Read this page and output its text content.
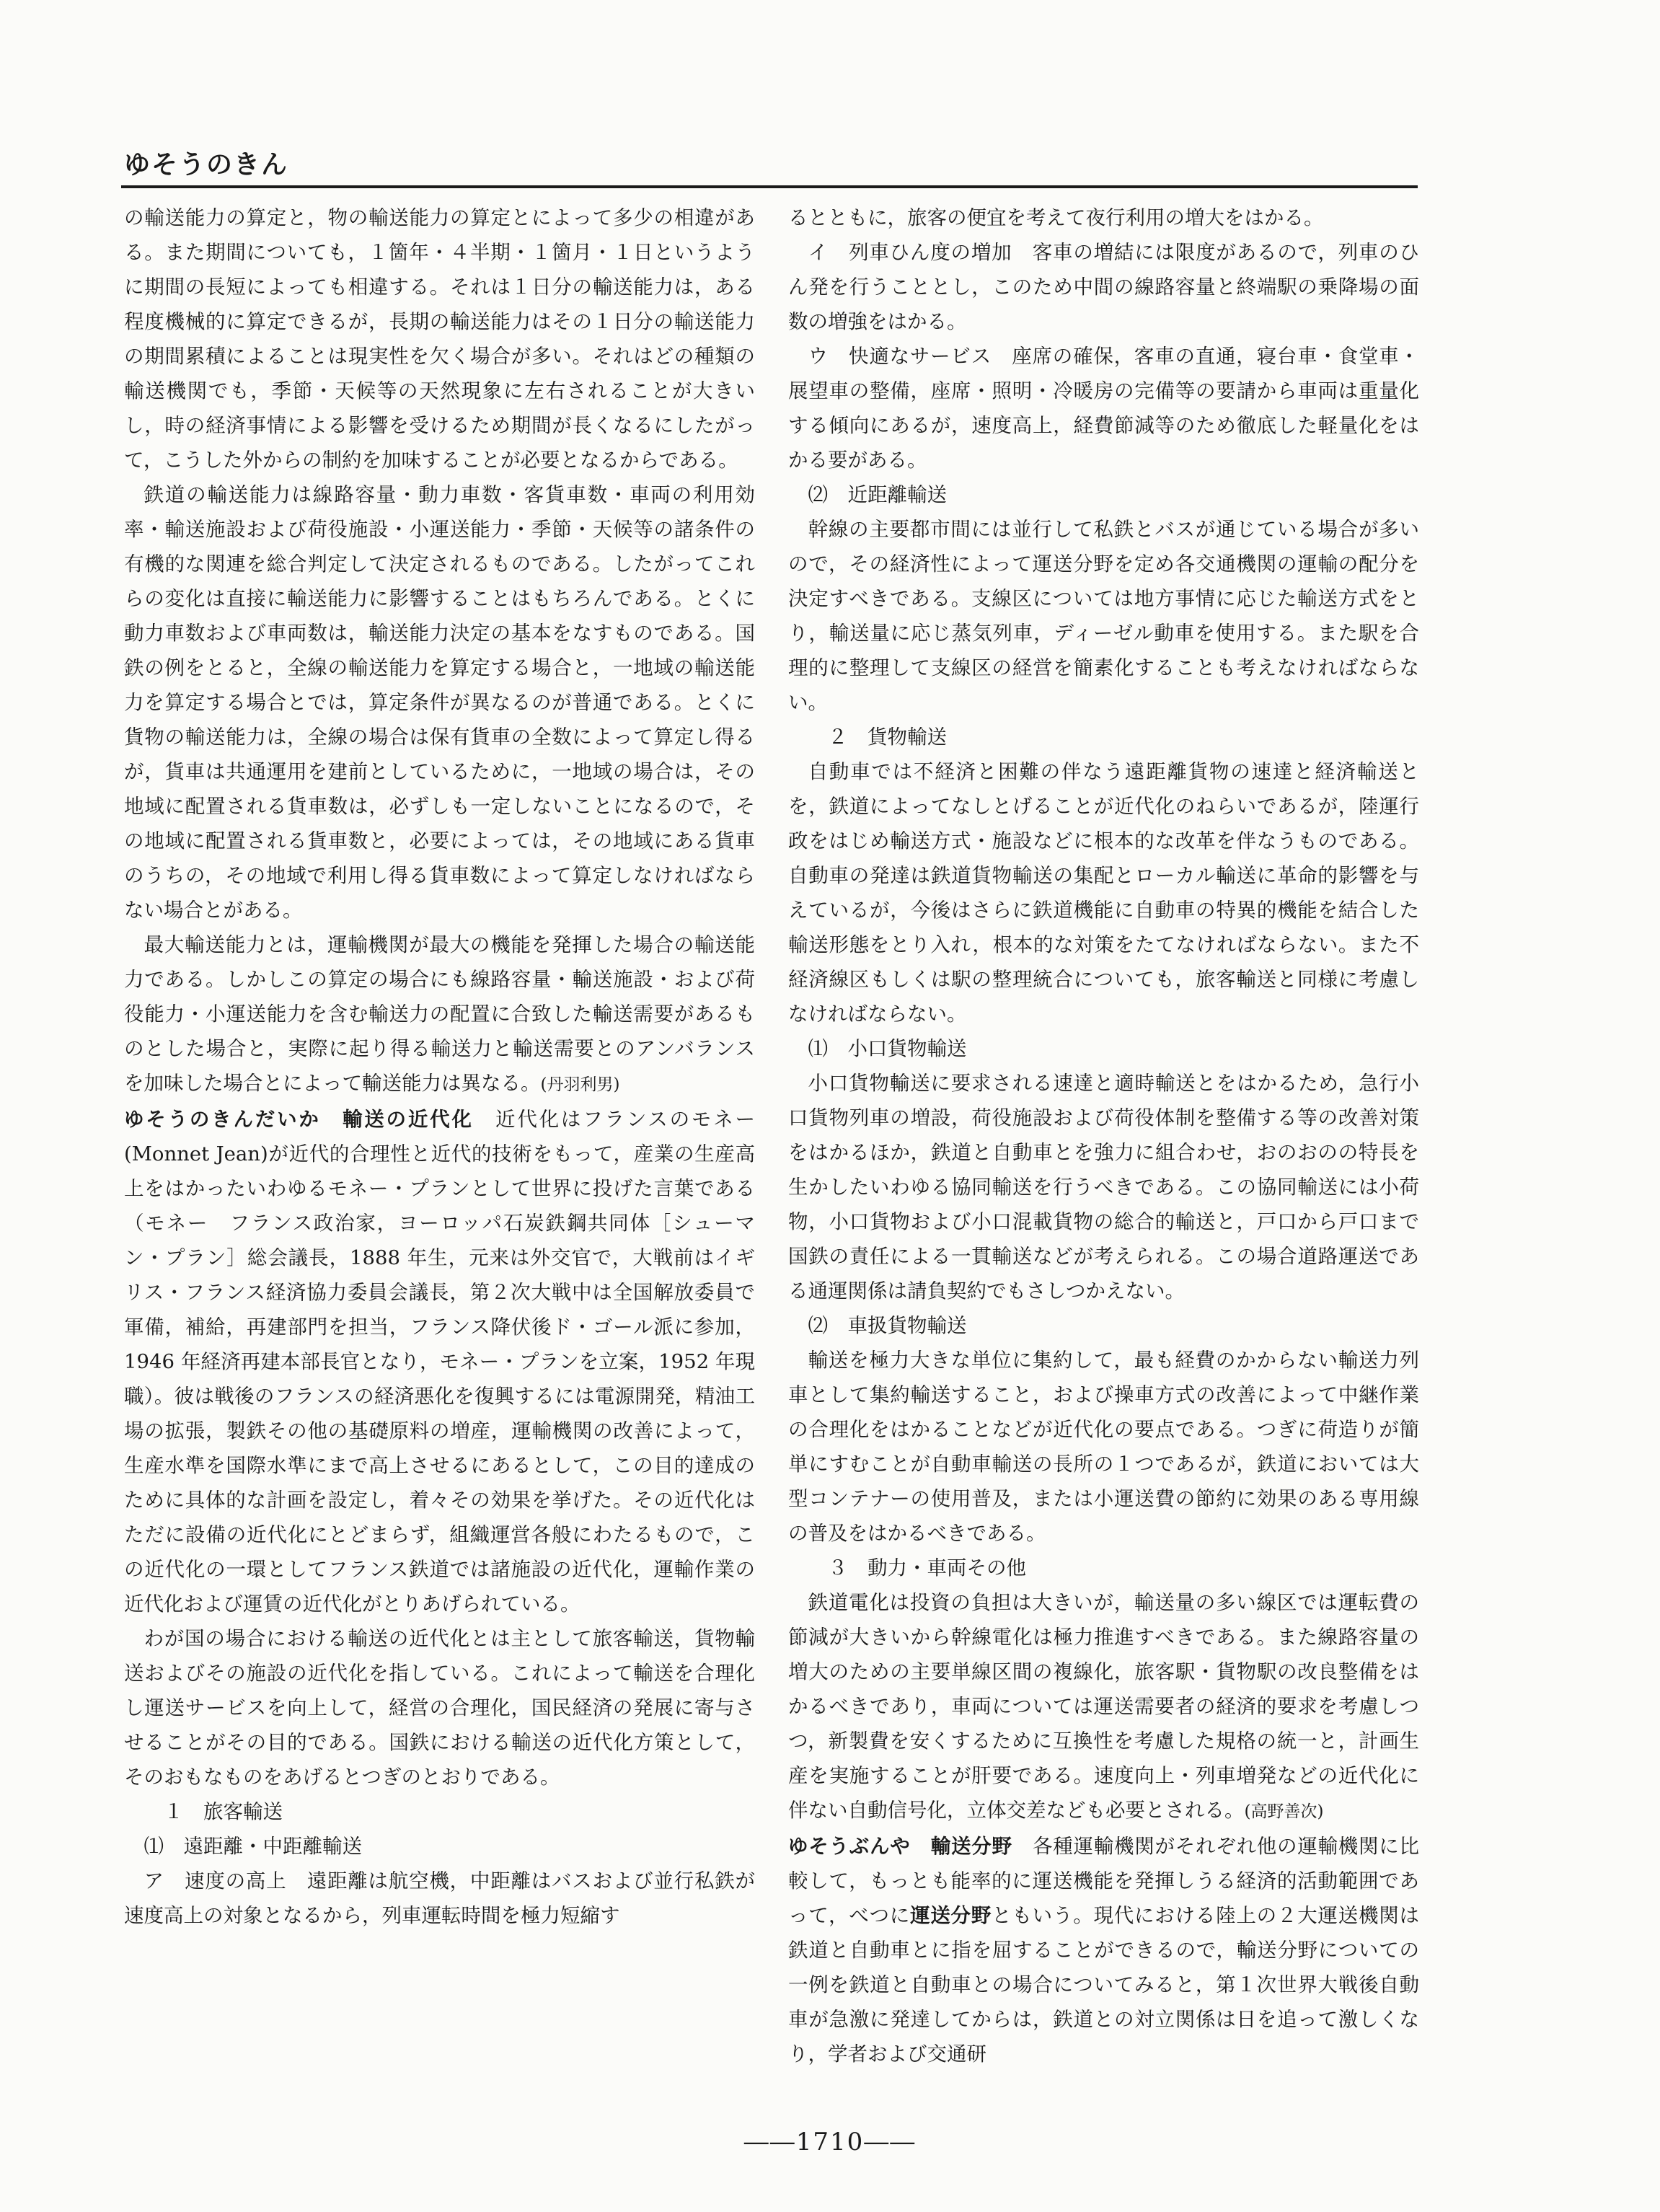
ゆそうのきん

の輸送能力の算定と，物の輸送能力の算定とによって多少の相違がある。また期間についても，１箇年・４半期・１箇月・１日というように期間の長短によっても相違する。それは１日分の輸送能力は，ある程度機械的に算定できるが，長期の輸送能力はその１日分の輸送能力の期間累積によることは現実性を欠く場合が多い。それはどの種類の輸送機関でも，季節・天候等の天然現象に左右されることが大きいし，時の経済事情による影響を受けるため期間が長くなるにしたがって，こうした外からの制約を加味することが必要となるからである。

鉄道の輸送能力は線路容量・動力車数・客貨車数・車両の利用効率・輸送施設および荷役施設・小運送能力・季節・天候等の諸条件の有機的な関連を総合判定して決定されるものである。したがってこれらの変化は直接に輸送能力に影響することはもちろんである。とくに動力車数および車両数は，輸送能力決定の基本をなすものである。国鉄の例をとると，全線の輸送能力を算定する場合と，一地域の輸送能力を算定する場合とでは，算定条件が異なるのが普通である。とくに貨物の輸送能力は，全線の場合は保有貨車の全数によって算定し得るが，貨車は共通運用を建前としているために，一地域の場合は，その地域に配置される貨車数は，必ずしも一定しないことになるので，その地域に配置される貨車数と，必要によっては，その地域にある貨車のうちの，その地域で利用し得る貨車数によって算定しなければならない場合とがある。

最大輸送能力とは，運輸機関が最大の機能を発揮した場合の輸送能力である。しかしこの算定の場合にも線路容量・輸送施設・および荷役能力・小運送能力を含む輸送力の配置に合致した輸送需要があるものとした場合と，実際に起り得る輸送力と輸送需要とのアンバランスを加味した場合とによって輸送能力は異なる。(丹羽利男)

ゆそうのきんだいか　輸送の近代化　近代化はフランスのモネー(Monnet Jean)が近代的合理性と近代的技術をもって，産業の生産高上をはかったいわゆるモネー・プランとして世界に投げた言葉である（モネー　フランス政治家，ヨーロッパ石炭鉄鋼共同体［シューマン・プラン］総会議長，1888 年生，元来は外交官で，大戦前はイギリス・フランス経済協力委員会議長，第２次大戦中は全国解放委員で軍備，補給，再建部門を担当，フランス降伏後ド・ゴール派に参加，1946 年経済再建本部長官となり，モネー・プランを立案，1952 年現職）。彼は戦後のフランスの経済悪化を復興するには電源開発，精油工場の拡張，製鉄その他の基礎原料の増産，運輸機関の改善によって，生産水準を国際水準にまで高上させるにあるとして，この目的達成のために具体的な計画を設定し，着々その効果を挙げた。その近代化はただに設備の近代化にとどまらず，組織運営各般にわたるもので，この近代化の一環としてフランス鉄道では諸施設の近代化，運輸作業の近代化および運賃の近代化がとりあげられている。

わが国の場合における輸送の近代化とは主として旅客輸送，貨物輸送およびその施設の近代化を指している。これによって輸送を合理化し運送サービスを向上して，経営の合理化，国民経済の発展に寄与させることがその目的である。国鉄における輸送の近代化方策として，そのおもなものをあげるとつぎのとおりである。

１　旅客輸送

⑴　遠距離・中距離輸送

ア　速度の高上　遠距離は航空機，中距離はバスおよび並行私鉄が速度高上の対象となるから，列車運転時間を極力短縮す

るとともに，旅客の便宜を考えて夜行利用の増大をはかる。

イ　列車ひん度の増加　客車の増結には限度があるので，列車のひん発を行うこととし，このため中間の線路容量と終端駅の乗降場の面数の増強をはかる。

ウ　快適なサービス　座席の確保，客車の直通，寝台車・食堂車・展望車の整備，座席・照明・冷暖房の完備等の要請から車両は重量化する傾向にあるが，速度高上，経費節減等のため徹底した軽量化をはかる要がある。

⑵　近距離輸送

幹線の主要都市間には並行して私鉄とバスが通じている場合が多いので，その経済性によって運送分野を定め各交通機関の運輸の配分を決定すべきである。支線区については地方事情に応じた輸送方式をとり，輸送量に応じ蒸気列車，ディーゼル動車を使用する。また駅を合理的に整理して支線区の経営を簡素化することも考えなければならない。

２　貨物輸送

自動車では不経済と困難の伴なう遠距離貨物の速達と経済輸送とを，鉄道によってなしとげることが近代化のねらいであるが，陸運行政をはじめ輸送方式・施設などに根本的な改革を伴なうものである。自動車の発達は鉄道貨物輸送の集配とローカル輸送に革命的影響を与えているが，今後はさらに鉄道機能に自動車の特異的機能を結合した輸送形態をとり入れ，根本的な対策をたてなければならない。また不経済線区もしくは駅の整理統合についても，旅客輸送と同様に考慮しなければならない。

⑴　小口貨物輸送

小口貨物輸送に要求される速達と適時輸送とをはかるため，急行小口貨物列車の増設，荷役施設および荷役体制を整備する等の改善対策をはかるほか，鉄道と自動車とを強力に組合わせ，おのおのの特長を生かしたいわゆる協同輸送を行うべきである。この協同輸送には小荷物，小口貨物および小口混載貨物の総合的輸送と，戸口から戸口まで国鉄の責任による一貫輸送などが考えられる。この場合道路運送である通運関係は請負契約でもさしつかえない。

⑵　車扱貨物輸送

輸送を極力大きな単位に集約して，最も経費のかからない輸送力列車として集約輸送すること，および操車方式の改善によって中継作業の合理化をはかることなどが近代化の要点である。つぎに荷造りが簡単にすむことが自動車輸送の長所の１つであるが，鉄道においては大型コンテナーの使用普及，または小運送費の節約に効果のある専用線の普及をはかるべきである。

３　動力・車両その他

鉄道電化は投資の負担は大きいが，輸送量の多い線区では運転費の節減が大きいから幹線電化は極力推進すべきである。また線路容量の増大のための主要単線区間の複線化，旅客駅・貨物駅の改良整備をはかるべきであり，車両については運送需要者の経済的要求を考慮しつつ，新製費を安くするために互換性を考慮した規格の統一と，計画生産を実施することが肝要である。速度向上・列車増発などの近代化に伴ない自動信号化，立体交差なども必要とされる。(高野善次)

ゆそうぶんや　輸送分野　各種運輸機関がそれぞれ他の運輸機関に比較して，もっとも能率的に運送機能を発揮しうる経済的活動範囲であって，べつに運送分野ともいう。現代における陸上の２大運送機関は鉄道と自動車とに指を屈することができるので，輸送分野についての一例を鉄道と自動車との場合についてみると，第１次世界大戦後自動車が急激に発達してからは，鉄道との対立関係は日を追って激しくなり，学者および交通研

――1710――
